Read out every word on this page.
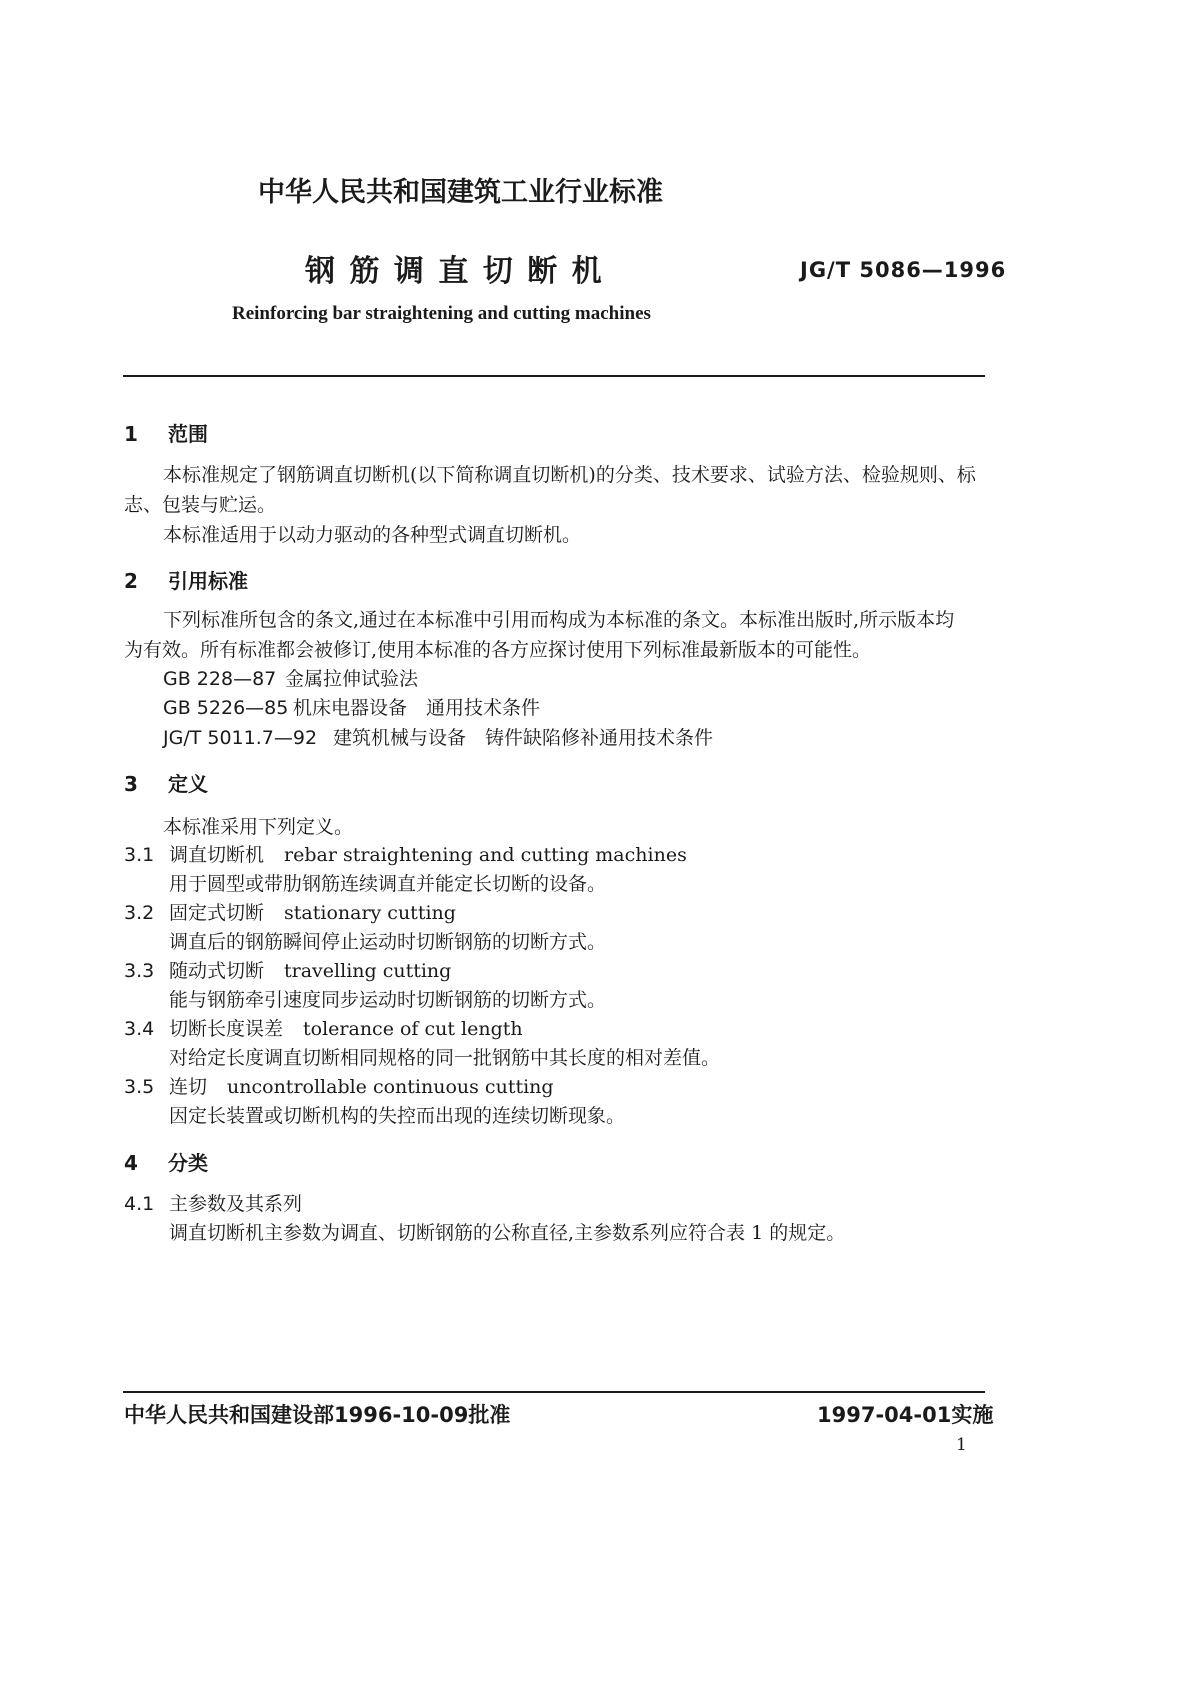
中华人民共和国建筑工业行业标准
钢 筋 调 直 切 断 机	JG/T 5086—1996
Reinforcing bar straightening and cutting machines
1 范围
本标准规定了钢筋调直切断机(以下简称调直切断机)的分类、技术要求、试验方法、检验规则、标
志、包装与贮运。
本标准适用于以动力驱动的各种型式调直切断机。
2 引用标准
下列标准所包含的条文,通过在本标准中引用而构成为本标准的条文。本标准出版时,所示版本均
为有效。所有标准都会被修订,使用本标准的各方应探讨使用下列标准最新版本的可能性。
GB 228—87 金属拉伸试验法
GB 5226—85 机床电器设备　通用技术条件
JG/T 5011.7—92 建筑机械与设备　铸件缺陷修补通用技术条件
3 定义
本标准采用下列定义。
3.1 调直切断机 rebar straightening and cutting machines
用于圆型或带肋钢筋连续调直并能定长切断的设备。
3.2 固定式切断 stationary cutting
调直后的钢筋瞬间停止运动时切断钢筋的切断方式。
3.3 随动式切断 travelling cutting
能与钢筋牵引速度同步运动时切断钢筋的切断方式。
3.4 切断长度误差 tolerance of cut length
对给定长度调直切断相同规格的同一批钢筋中其长度的相对差值。
3.5 连切 uncontrollable continuous cutting
因定长装置或切断机构的失控而出现的连续切断现象。
4 分类
4.1 主参数及其系列
调直切断机主参数为调直、切断钢筋的公称直径,主参数系列应符合表 1 的规定。
中华人民共和国建设部1996-10-09批准	1997-04-01实施
1
